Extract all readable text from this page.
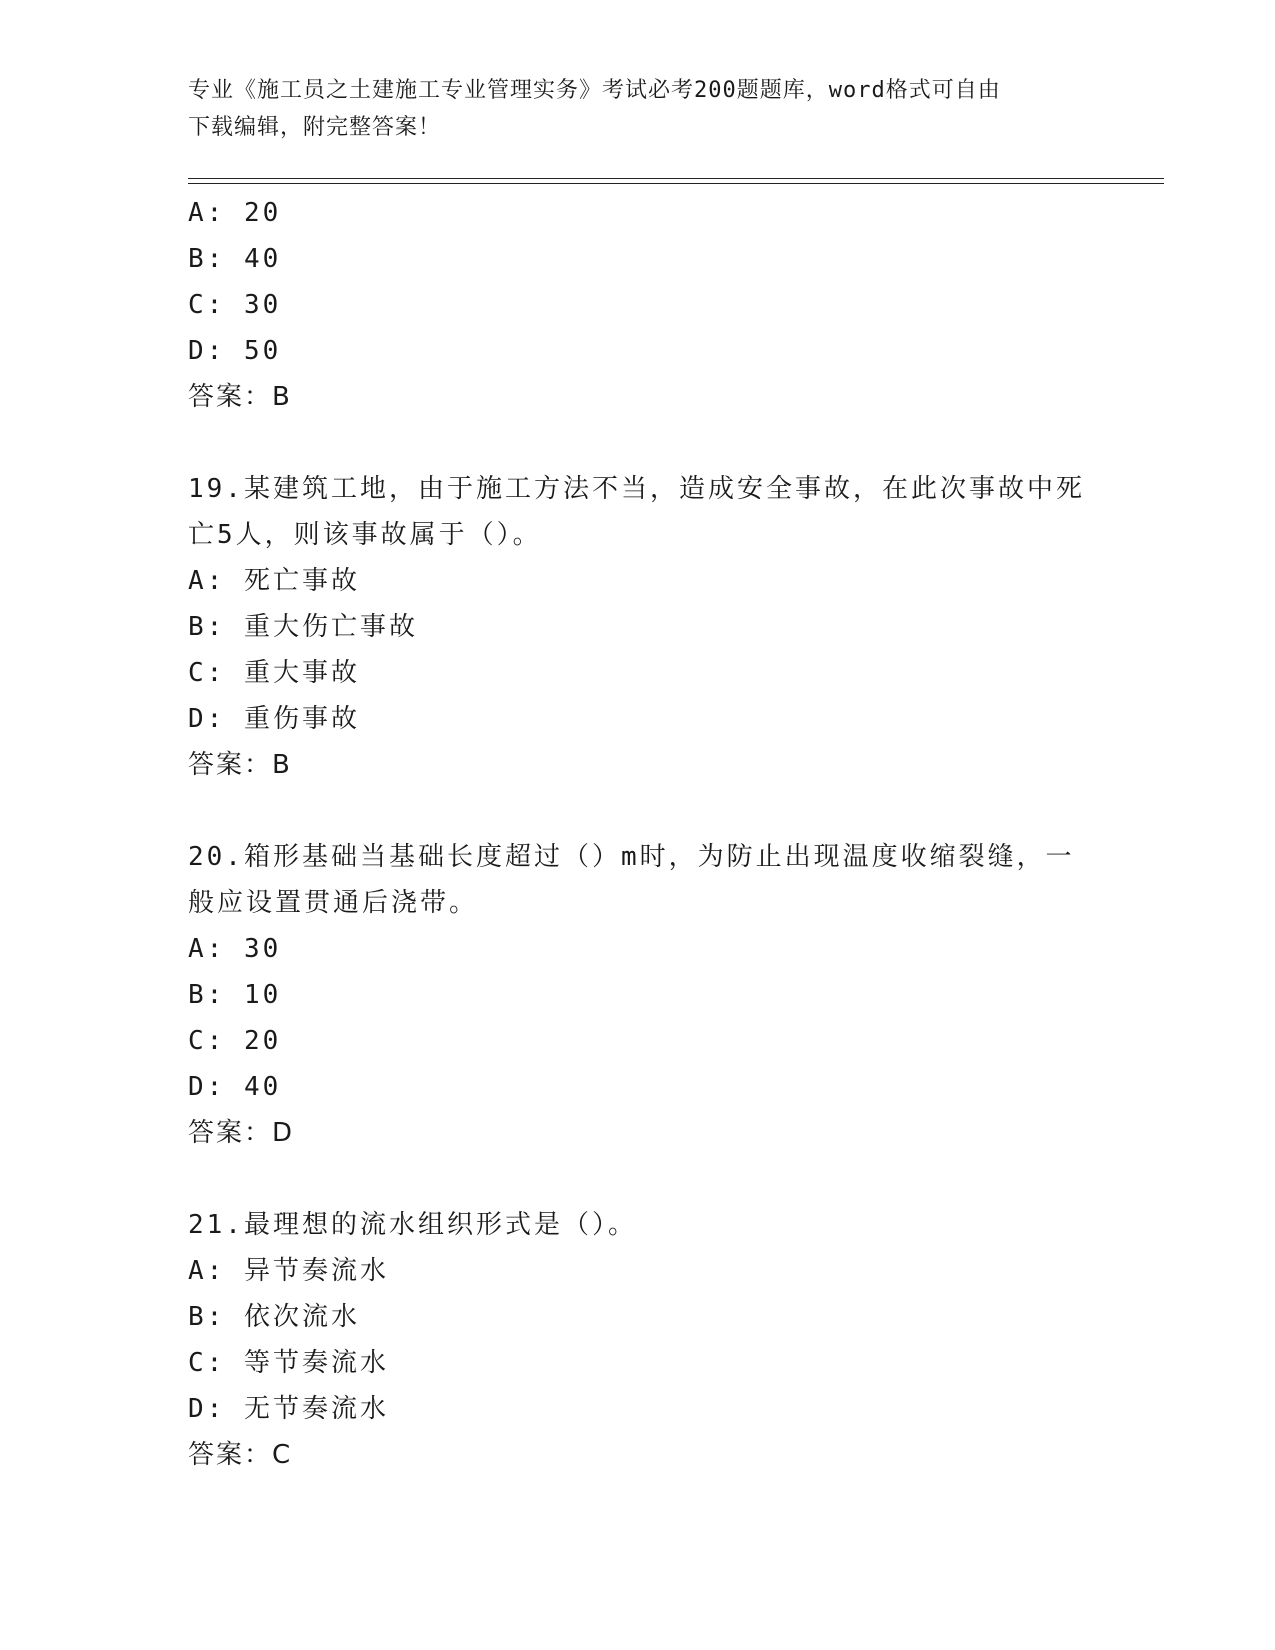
专业《施工员之土建施工专业管理实务》考试必考200题题库，word格式可自由
下载编辑，附完整答案！
A: 20
B: 40
C: 30
D: 50
答案：B
19.某建筑工地，由于施工方法不当，造成安全事故，在此次事故中死
亡5人，则该事故属于（）。
A: 死亡事故
B: 重大伤亡事故
C: 重大事故
D: 重伤事故
答案：B
20.箱形基础当基础长度超过（）m时，为防止出现温度收缩裂缝，一
般应设置贯通后浇带。
A: 30
B: 10
C: 20
D: 40
答案：D
21.最理想的流水组织形式是（）。
A: 异节奏流水
B: 依次流水
C: 等节奏流水
D: 无节奏流水
答案：C
